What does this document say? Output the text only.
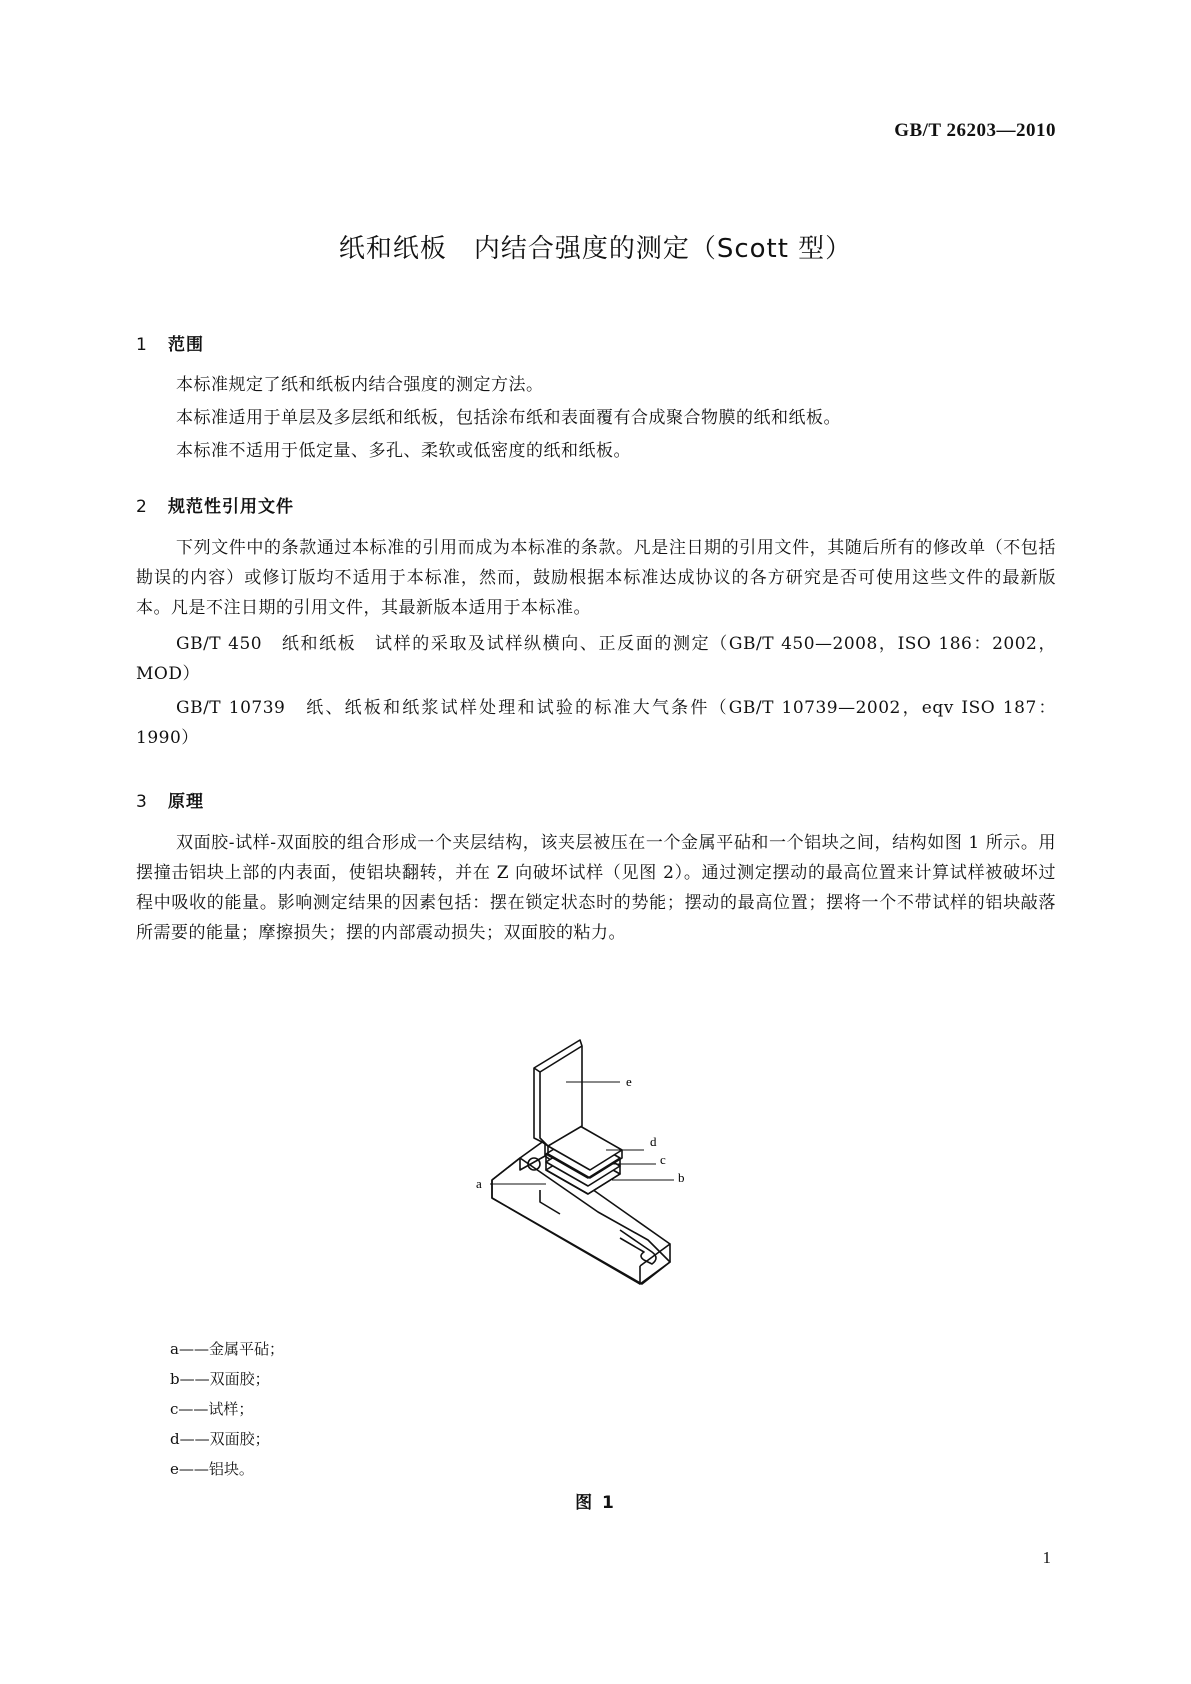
GB/T 26203—2010
纸和纸板　内结合强度的测定（Scott 型）
1 范围

本标准规定了纸和纸板内结合强度的测定方法。

本标准适用于单层及多层纸和纸板，包括涂布纸和表面覆有合成聚合物膜的纸和纸板。

本标准不适用于低定量、多孔、柔软或低密度的纸和纸板。

2 规范性引用文件

下列文件中的条款通过本标准的引用而成为本标准的条款。凡是注日期的引用文件，其随后所有的修改单（不包括勘误的内容）或修订版均不适用于本标准，然而，鼓励根据本标准达成协议的各方研究是否可使用这些文件的最新版本。凡是不注日期的引用文件，其最新版本适用于本标准。

GB/T 450　纸和纸板　试样的采取及试样纵横向、正反面的测定（GB/T 450—2008，ISO 186：2002，MOD）

GB/T 10739　纸、纸板和纸浆试样处理和试验的标准大气条件（GB/T 10739—2002，eqv ISO 187：1990）

3 原理

双面胶-试样-双面胶的组合形成一个夹层结构，该夹层被压在一个金属平砧和一个铝块之间，结构如图 1 所示。用摆撞击铝块上部的内表面，使铝块翻转，并在 Z 向破坏试样（见图 2）。通过测定摆动的最高位置来计算试样被破坏过程中吸收的能量。影响测定结果的因素包括：摆在锁定状态时的势能；摆动的最高位置；摆将一个不带试样的铝块敲落所需要的能量；摩擦损失；摆的内部震动损失；双面胶的粘力。

e
d
c
b
a
a——金属平砧；
b——双面胶；
c——试样；
d——双面胶；
e——铝块。
图 1
1
